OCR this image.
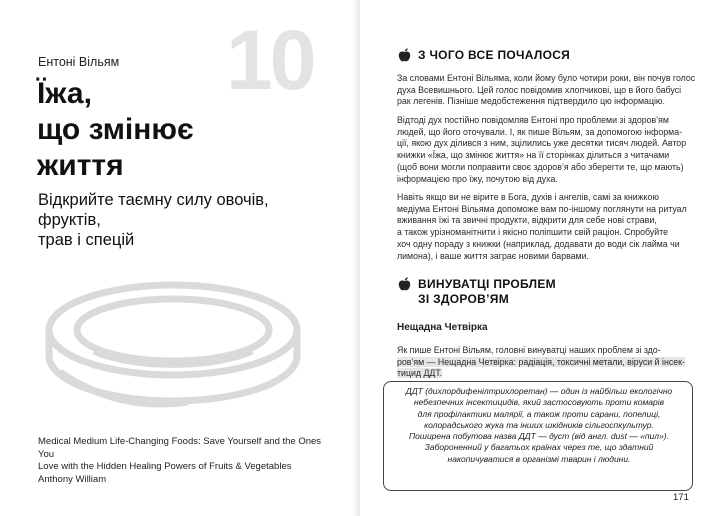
10
Ентоні Вільям
Їжа,
що змінює
життя
Відкрийте таємну силу овочів, фруктів,
трав і спецій
Medical Medium Life-Changing Foods: Save Yourself and the Ones You
Love with the Hidden Healing Powers of Fruits & Vegetables
Anthony William
З ЧОГО ВСЕ ПОЧАЛОСЯ
За словами Ентоні Вільяма, коли йому було чотири роки, він почув голос
духа Всевишнього. Цей голос повідомив хлопчикові, що в його бабусі
рак легенів. Пізніше медобстеження підтвердило цю інформацію.
Відтоді дух постійно повідомляв Ентоні про проблеми зі здоров’ям
людей, що його оточували. І, як пише Вільям, за допомогою інформа-
ції, якою дух ділився з ним, зцілились уже десятки тисяч людей. Автор
книжки «Їжа, що змінює життя» на її сторінках ділиться з читачами
(щоб вони могли поправити своє здоров’я або зберегти те, що мають)
інформацією про їжу, почутою від духа.
Навіть якщо ви не вірите в Бога, духів і ангелів, самі за книжкою
медіума Ентоні Вільяма допоможе вам по-іншому поглянути на ритуал
вживання їжі та звичні продукти, відкрити для себе нові страви,
а також урізноманітнити і якісно поліпшити свій раціон. Спробуйте
хоч одну пораду з книжки (наприклад, додавати до води сік лайма чи
лимона), і ваше життя заграє новими барвами.
ВИНУВАТЦІ ПРОБЛЕМ
ЗІ ЗДОРОВ’ЯМ
Нещадна Четвірка
Як пише Ентоні Вільям, головні винуватці наших проблем зі здо-
ров’ям — Нещадна Четвірка: радіація, токсичні метали, віруси й інсек-
тицид ДДТ.
ДДТ (дихлордифенілтрихлоретан) — один із найбільш екологічно
небезпечних інсектицидів, який застосовують проти комарів
для профілактики малярії, а також проти сарани, попелиці,
колорадського жука та інших шкідників сільгоспкультур.
Поширена побутова назва ДДТ — дуст (від англ. dust — «пил»).
Забороненний у багатьох країнах через те, що здатний
накопичуватися в організмі тварин і людини.
171
